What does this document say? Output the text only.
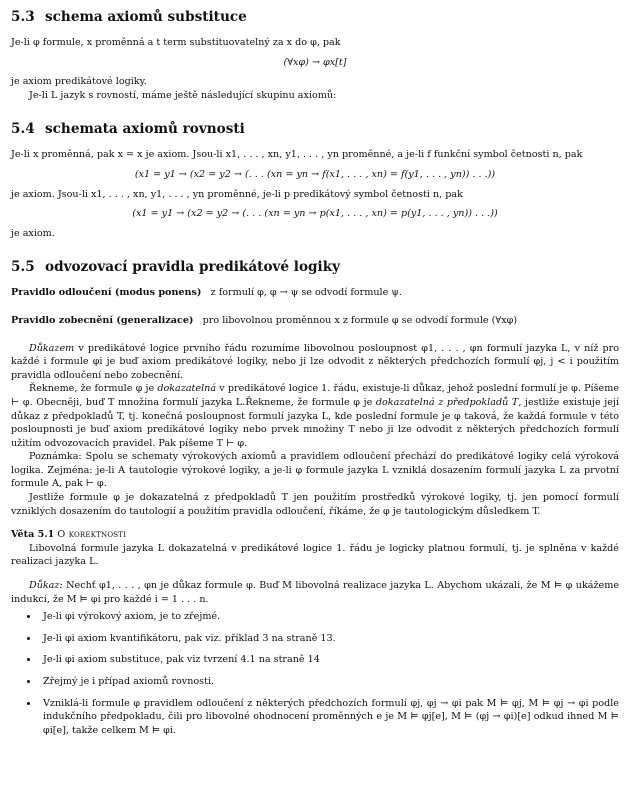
5.3 schema axiomů substituce

Je-li φ formule, x proměnná a t term substituovatelný za x do φ, pak

(∀xφ) → φx[t]

je axiom predikátové logiky.

Je-li L jazyk s rovností, máme ještě následující skupinu axiomů:

5.4 schemata axiomů rovnosti

Je-li x proměnná, pak x = x je axiom. Jsou-li x1, . . . , xn, y1, . . . , yn proměnné, a je-li f funkční symbol četnosti n, pak

(x1 = y1 → (x2 = y2 → (. . . (xn = yn → f(x1, . . . , xn) = f(y1, . . . , yn)) . . .))

je axiom. Jsou-li x1, . . . , xn, y1, . . . , yn proměnné, je-li p predikátový symbol četnosti n, pak

(x1 = y1 → (x2 = y2 → (. . . (xn = yn → p(x1, . . . , xn) = p(y1, . . . , yn)) . . .))

je axiom.

5.5 odvozovací pravidla predikátové logiky

Pravidlo odloučení (modus ponens) z formulí φ, φ → ψ se odvodí formule ψ.

Pravidlo zobecnění (generalizace) pro libovolnou proměnnou x z formule φ se odvodí formule (∀xφ)

Důkazem v predikátové logice prvního řádu rozumíme libovolnou posloupnost φ1, . . . , φn formulí jazyka L, v níž pro každé i formule φi je buď axiom predikátové logiky, nebo ji lze odvodit z některých předchozích formulí φj, j < i použitím pravidla odloučení nebo zobecnění.

Řekneme, že formule φ je dokazatelná v predikátové logice 1. řádu, existuje-li důkaz, jehož poslední formulí je φ. Píšeme ⊢ φ. Obecněji, buď T množina formulí jazyka L.Řekneme, že formule φ je dokazatelná z předpokladů T, jestliže existuje její důkaz z předpokladů T, tj. konečná posloupnost formulí jazyka L, kde poslední formule je φ taková, že každá formule v této posloupnosti je buď axiom predikátové logiky nebo prvek množiny T nebo ji lze odvodit z některých předchozích formulí užitím odvozovacích pravidel. Pak píšeme T ⊢ φ.

Poznámka: Spolu se schematy výrokových axiomů a pravidlem odloučení přechází do predikátové logiky celá výroková logika. Zejména: je-li A tautologie výrokové logiky, a je-li φ formule jazyka L vzniklá dosazením formulí jazyka L za prvotní formule A, pak ⊢ φ.

Jestliže formule φ je dokazatelná z předpokladů T jen použitím prostředků výrokové logiky, tj. jen pomocí formulí vzniklých dosazením do tautologií a použitím pravidla odloučení, říkáme, že φ je tautologickým důsledkem T.

Věta 5.1 O korektnosti

Libovolná formule jazyka L dokazatelná v predikátové logice 1. řádu je logicky platnou formulí, tj. je splněna v každé realizaci jazyka L.

Důkaz: Nechť φ1, . . . , φn je důkaz formule φ. Buď M libovolná realizace jazyka L. Abychom ukázali, že M ⊨ φ ukážeme indukcí, že M ⊨ φi pro každé i = 1 . . . n.

• Je-li φi výrokový axiom, je to zřejmé.
• Je-li φi axiom kvantifikátoru, pak viz. příklad 3 na straně 13.
• Je-li φi axiom substituce, pak viz tvrzení 4.1 na straně 14
• Zřejmý je i případ axiomů rovnosti.
• Vzniklá-li formule φ pravidlem odloučení z některých předchozích formulí φj, φj → φi pak M ⊨ φj, M ⊨ φj → φi podle indukčního předpokladu, čili pro libovolné ohodnocení proměnných e je M ⊨ φj[e], M ⊨ (φj → φi)[e] odkud ihned M ⊨ φi[e], takže celkem M ⊨ φi.
